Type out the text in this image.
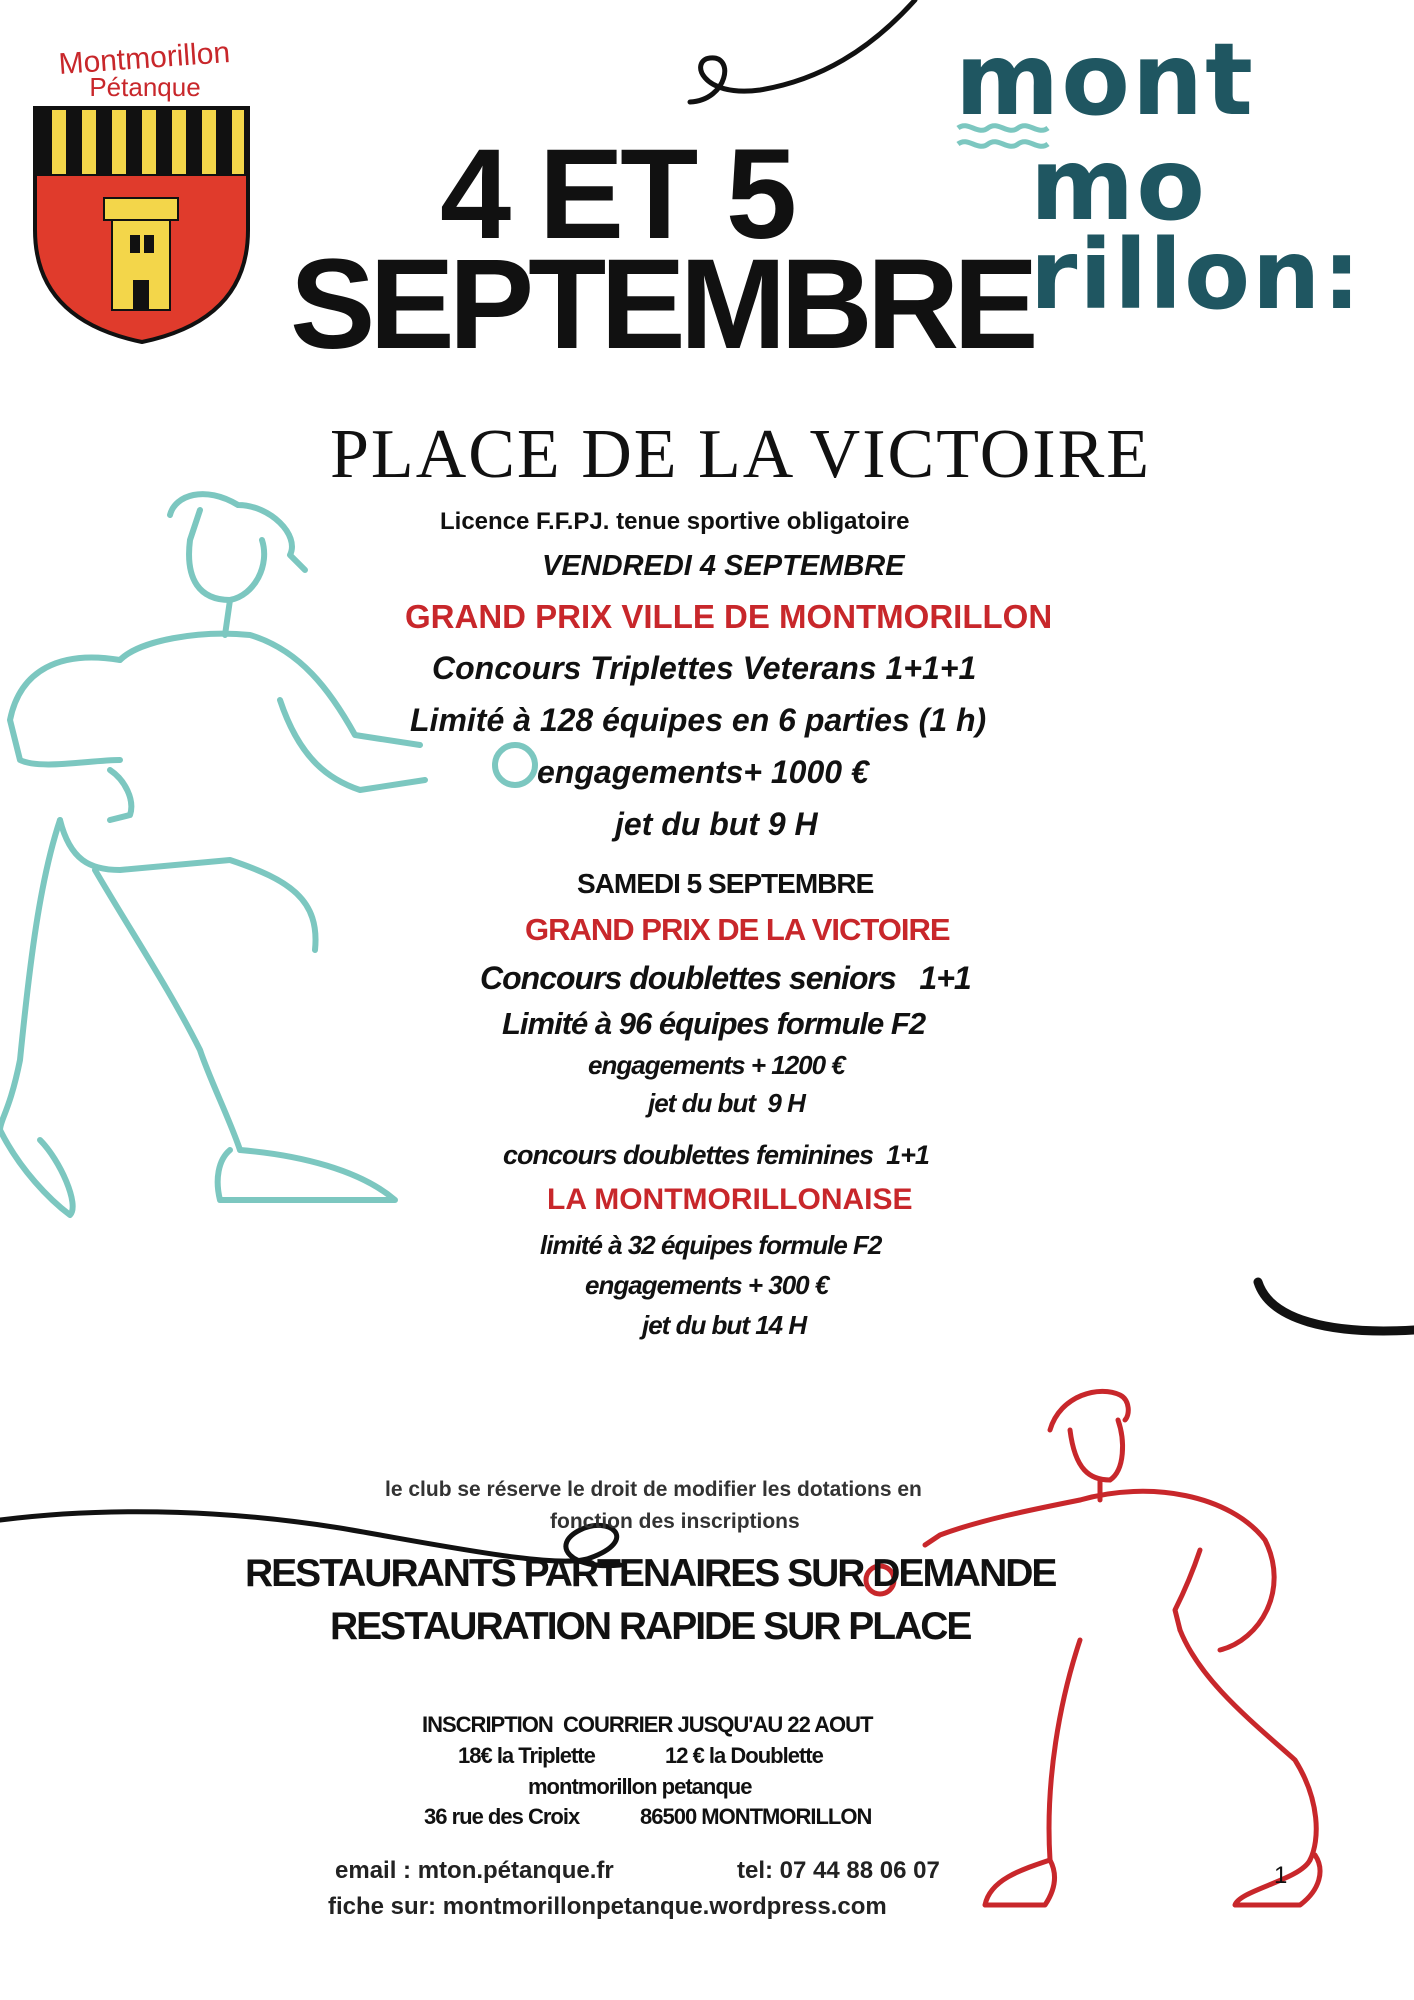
Montmorillon
Pétanque	mont
mo
rillon:
4 ET 5
SEPTEMBRE
PLACE DE LA VICTOIRE
Licence F.F.PJ. tenue sportive obligatoire
VENDREDI 4 SEPTEMBRE
GRAND PRIX VILLE DE MONTMORILLON
Concours Triplettes Veterans 1+1+1
Limité à 128 équipes en 6 parties (1 h)
engagements+ 1000 €
jet du but 9 H
SAMEDI 5 SEPTEMBRE
GRAND PRIX DE LA VICTOIRE
Concours doublettes seniors   1+1
Limité à 96 équipes formule F2
engagements + 1200 €
jet du but  9 H
concours doublettes feminines  1+1
LA MONTMORILLONAISE
limité à 32 équipes formule F2
engagements + 300 €
jet du but 14 H
le club se réserve le droit de modifier les dotations en
fonction des inscriptions
RESTAURANTS PARTENAIRES SUR DEMANDE
RESTAURATION RAPIDE SUR PLACE
INSCRIPTION  COURRIER JUSQU'AU 22 AOUT
18€ la Triplette	12 € la Doublette
montmorillon petanque
36 rue des Croix	86500 MONTMORILLON
email : mton.pétanque.fr	tel: 07 44 88 06 07
fiche sur: montmorillonpetanque.wordpress.com
1
